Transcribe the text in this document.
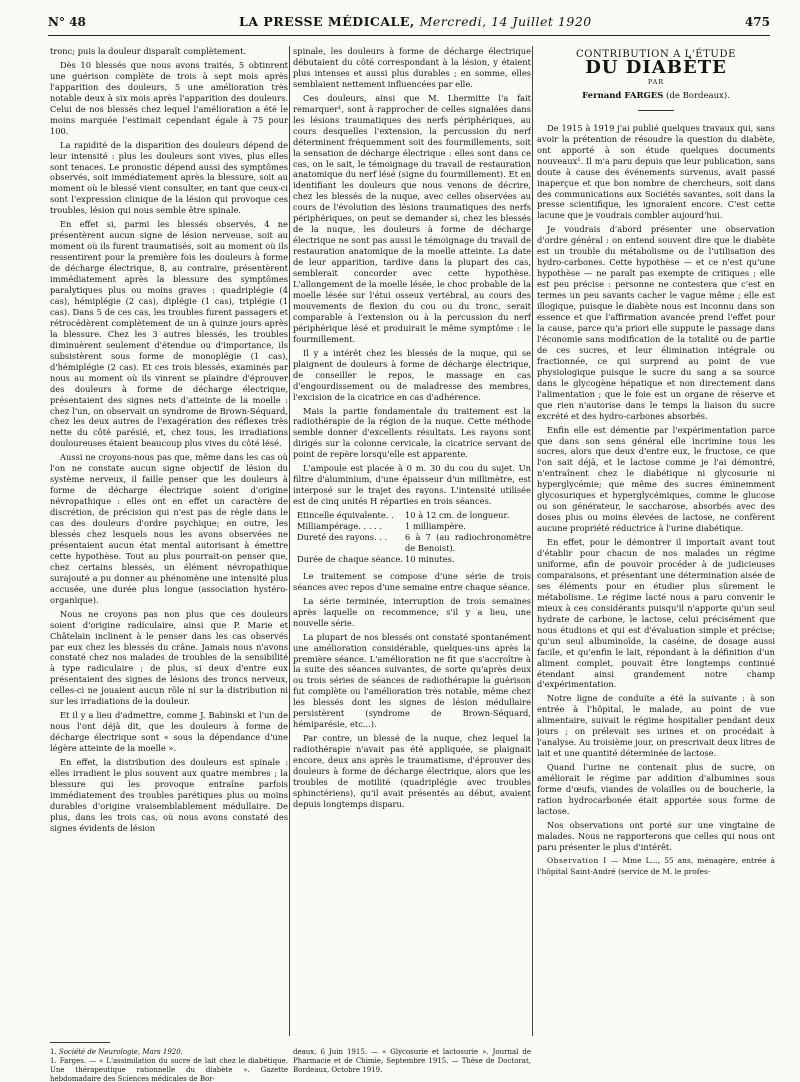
N° 48	LA PRESSE MÉDICALE, Mercredi, 14 Juillet 1920	475

tronc; puis la douleur disparaît complètement.

Dès 10 blessés que nous avons traités, 5 obtinrent une guérison complète de trois à sept mois après l'apparition des douleurs, 5 une amélioration très notable deux à six mois après l'apparition des douleurs. Celui de nos blessés chez lequel l'amélioration a été le moins marquée l'estimait cependant égale à 75 pour 100.

La rapidité de la disparition des douleurs dépend de leur intensité : plus les douleurs sont vives, plus elles sont tenaces. Le pronostic dépend aussi des symptômes observés, soit immédiatement après la blessure, soit au moment où le blessé vient consulter, en tant que ceux-ci sont l'expression clinique de la lésion qui provoque ces troubles, lésion qui nous semble être spinale.

En effet si, parmi les blessés observés, 4 ne présentèrent aucun signe de lésion nerveuse, soit au moment où ils furent traumatisés, soit au moment où ils ressentirent pour la première fois les douleurs à forme de décharge électrique, 8, au contraire, présentèrent immédiatement après la blessure des symptômes paralytiques plus ou moins graves : quadriplégie (4 cas), hémiplégie (2 cas), diplégie (1 cas), triplégie (1 cas). Dans 5 de ces cas, les troubles furent passagers et rétrocédèrent complètement de un à quinze jours après la blessure. Chez les 3 autres blessés, les troubles diminuèrent seulement d'étendue ou d'importance, ils subsistèrent sous forme de monoplégie (1 cas), d'hémiplégie (2 cas). Et ces trois blessés, examinés par nous au moment où ils vinrent se plaindre d'éprouver des douleurs à forme de décharge électrique, présentaient des signes nets d'atteinte de la moelle : chez l'un, on observait un syndrome de Brown-Séquard, chez les deux autres de l'exagération des réflexes très nette du côté parésié, et, chez tous, les irradiations douloureuses étaient beaucoup plus vives du côté lésé.

Aussi ne croyons-nous pas que, même dans les cas où l'on ne constate aucun signe objectif de lésion du système nerveux, il faille penser que les douleurs à forme de décharge électrique soient d'origine névropathique : elles ont en effet un caractère de discrétion, de précision qui n'est pas de règle dans le cas des douleurs d'ordre psychique; en outre, les blessés chez lesquels nous les avons observées ne présentaient aucun état mental autorisant à émettre cette hypothèse. Tout au plus pourrait-on penser que, chez certains blessés, un élément névropathique surajouté a pu donner au phénomène une intensité plus accusée, une durée plus longue (association hystéro-organique).

Nous ne croyons pas non plus que ces douleurs soient d'origine radiculaire, ainsi que P. Marie et Châtelain inclinent à le penser dans les cas observés par eux chez les blessés du crâne. Jamais nous n'avons constaté chez nos malades de troubles de la sensibilité à type radiculaire ; de plus, si deux d'entre eux présentaient des signes de lésions des troncs nerveux, celles-ci ne jouaient aucun rôle ni sur la distribution ni sur les irradiations de la douleur.

Et il y a lieu d'admettre, comme J. Babinski et l'un de nous l'ont déjà dit, que les douleurs à forme de décharge électrique sont « sous la dépendance d'une légère atteinte de la moelle ».

En effet, la distribution des douleurs est spinale : elles irradient le plus souvent aux quatre membres ; la blessure qui les provoque entraîne parfois immédiatement des troubles parétiques plus ou moins durables d'origine vraisemblablement médullaire. De plus, dans les trois cas, où nous avons constaté des signes évidents de lésion

spinale, les douleurs à forme de décharge électrique débutaient du côté correspondant à la lésion, y étaient plus intenses et aussi plus durables ; en somme, elles semblaient nettement influencées par elle.

Ces douleurs, ainsi que M. Lhermitte l'a fait remarquer¹, sont à rapprocher de celles signalées dans les lésions traumatiques des nerfs périphériques, au cours desquelles l'extension, la percussion du nerf déterminent fréquemment soit des fourmillements, soit la sensation de décharge électrique : elles sont dans ce cas, on le sait, le témoignage du travail de restauration anatomique du nerf lésé (signe du fourmillement). Et en identifiant les douleurs que nous venons de décrire, chez les blessés de la nuque, avec celles observées au cours de l'évolution des lésions traumatiques des nerfs périphériques, on peut se demander si, chez les blessés de la nuque, les douleurs à forme de décharge électrique ne sont pas aussi le témoignage du travail de restauration anatomique de la moelle atteinte. La date de leur apparition, tardive dans la plupart des cas, semblerait concorder avec cette hypothèse. L'allongement de la moelle lésée, le choc probable de la moelle lésée sur l'étui osseux vertébral, au cours des mouvements de flexion du cou ou du tronc, serait comparable à l'extension ou à la percussion du nerf périphérique lésé et produirait le même symptôme : le fourmillement.

Il y a intérêt chez les blessés de la nuque, qui se plaignent de douleurs à forme de décharge électrique, de conseiller le repos, le massage en cas d'engourdissement ou de maladresse des membres, l'excision de la cicatrice en cas d'adhérence.

Mais la partie fondamentale du traitement est la radiothérapie de la région de la nuque. Cette méthode semble donner d'excellents résultats. Les rayons sont dirigés sur la colonne cervicale, la cicatrice servant de point de repère lorsqu'elle est apparente.

L'ampoule est placée à 0 m. 30 du cou du sujet. Un filtre d'aluminium, d'une épaisseur d'un millimètre, est interposé sur le trajet des rayons. L'intensité utilisée est de cinq unités H réparties en trois séances.

Etincelle équivalente. .	10 à 12 cm. de longueur.
Milliampérage. . . . .	1 milliampère.
Dureté des rayons. . .	6 à 7 (au radiochronomètre de Benoist).
Durée de chaque séance. 10 minutes.

Le traitement se compose d'une série de trois séances avec repos d'une semaine entre chaque séance.

La série terminée, interruption de trois semaines après laquelle on recommence, s'il y a lieu, une nouvelle série.

La plupart de nos blessés ont constaté spontanément une amélioration considérable, quelques-uns après la première séance. L'amélioration ne fit que s'accroître à la suite des séances suivantes, de sorte qu'après deux ou trois séries de séances de radiothérapie la guérison fut complète ou l'amélioration très notable, même chez les blessés dont les signes de lésion médullaire persistèrent (syndrome de Brown-Séquard, hémiparésie, etc...).

Par contre, un blessé de la nuque, chez lequel la radiothérapie n'avait pas été appliquée, se plaignait encore, deux ans après le traumatisme, d'éprouver des douleurs à forme de décharge électrique, alors que les troubles de motilité (quadriplégie avec troubles sphinctériens), qu'il avait présentés au début, avaient depuis longtemps disparu.

CONTRIBUTION A L'ÉTUDE
DU DIABÈTE
PAR
Fernand FARGES (de Bordeaux).

De 1915 à 1919 j'ai publié quelques travaux qui, sans avoir la prétention de résoudre la question du diabète, ont apporté à son étude quelques documents nouveaux¹. Il m'a paru depuis que leur publication, sans doute à cause des événements survenus, avait passé inaperçue et que bon nombre de chercheurs, soit dans des communications aux Sociétés savantes, soit dans la presse scientifique, les ignoraient encore. C'est cette lacune que je voudrais combler aujourd'hui.

Je voudrais d'abord présenter une observation d'ordre général : on entend souvent dire que le diabète est un trouble du métabolisme ou de l'utilisation des hydro-carbones. Cette hypothèse — et ce n'est qu'une hypothèse — ne paraît pas exempte de critiques ; elle est peu précise : personne ne contestera que c'est en termes un peu savants cacher le vague même ; elle est illogique, puisque le diabète nous est inconnu dans son essence et que l'affirmation avancée prend l'effet pour la cause, parce qu'a priori elle suppute le passage dans l'économie sans modification de la totalité ou de partie de ces sucres, et leur élimination intégrale ou fractionnée, ce qui surprend au point de vue physiologique puisque le sucre du sang a sa source dans le glycogène hépatique et non directement dans l'alimentation ; que le foie est un organe de réserve et que rien n'autorise dans le temps la liaison du sucre excrété et des hydro-carbones absorbés.

Enfin elle est démentie par l'expérimentation parce que dans son sens général elle incrimine tous les sucres, alors que deux d'entre eux, le fructose, ce que l'on sait déjà, et le lactose comme je l'ai démontré, n'entraînent chez le diabétique ni glycosurie ni hyperglycémie; que même des sucres éminemment glycosuriques et hyperglycémiques, comme le glucose ou son générateur, le saccharose, absorbés avec des doses plus ou moins élevées de lactose, ne confèrent aucune propriété réductrice à l'urine diabétique.

En effet, pour le démontrer il importait avant tout d'établir pour chacun de nos malades un régime uniforme, afin de pouvoir procéder à de judicieuses comparaisons, et présentant une détermination aisée de ses éléments pour en étudier plus sûrement le métabolisme. Le régime lacté nous a paru convenir le mieux à ces considérants puisqu'il n'apporte qu'un seul hydrate de carbone, le lactose, celui précisément que nous étudions et qui est d'évaluation simple et précise; qu'un seul albuminoïde, la caséine, de dosage aussi facile, et qu'enfin le lait, répondant à la définition d'un aliment complet, pouvait être longtemps continué étendant ainsi grandement notre champ d'expérimentation.

Notre ligne de conduite a été la suivante : à son entrée à l'hôpital, le malade, au point de vue alimentaire, suivait le régime hospitalier pendant deux jours ; on prélevait ses urines et on procédait à l'analyse. Au troisième jour, on prescrivait deux litres de lait et une quantité déterminée de lactose.

Quand l'urine ne contenait plus de sucre, on améliorait le régime par addition d'albumines sous forme d'œufs, viandes de volailles ou de boucherie, la ration hydrocarbonée était apportée sous forme de lactose.

Nos observations ont porté sur une vingtaine de malades. Nous ne rapporterons que celles qui nous ont paru présenter le plus d'intérêt.

Observation I — Mme L..., 55 ans, ménagère, entrée à l'hôpital Saint-André (service de M. le profes-

1. Société de Neurologie, Mars 1920.
1. Farges. — « L'assimilation du sucre de lait chez le diabétique. Une thérapeutique rationnelle du diabète ». Gazette hebdomadaire des Sciences médicales de Bor-
deaux, 6 Juin 1915. — « Glycosurie et lactosurie ». Journal de Pharmacie et de Chimie, Septembre 1915. — Thèse de Doctorat, Bordeaux, Octobre 1919.
